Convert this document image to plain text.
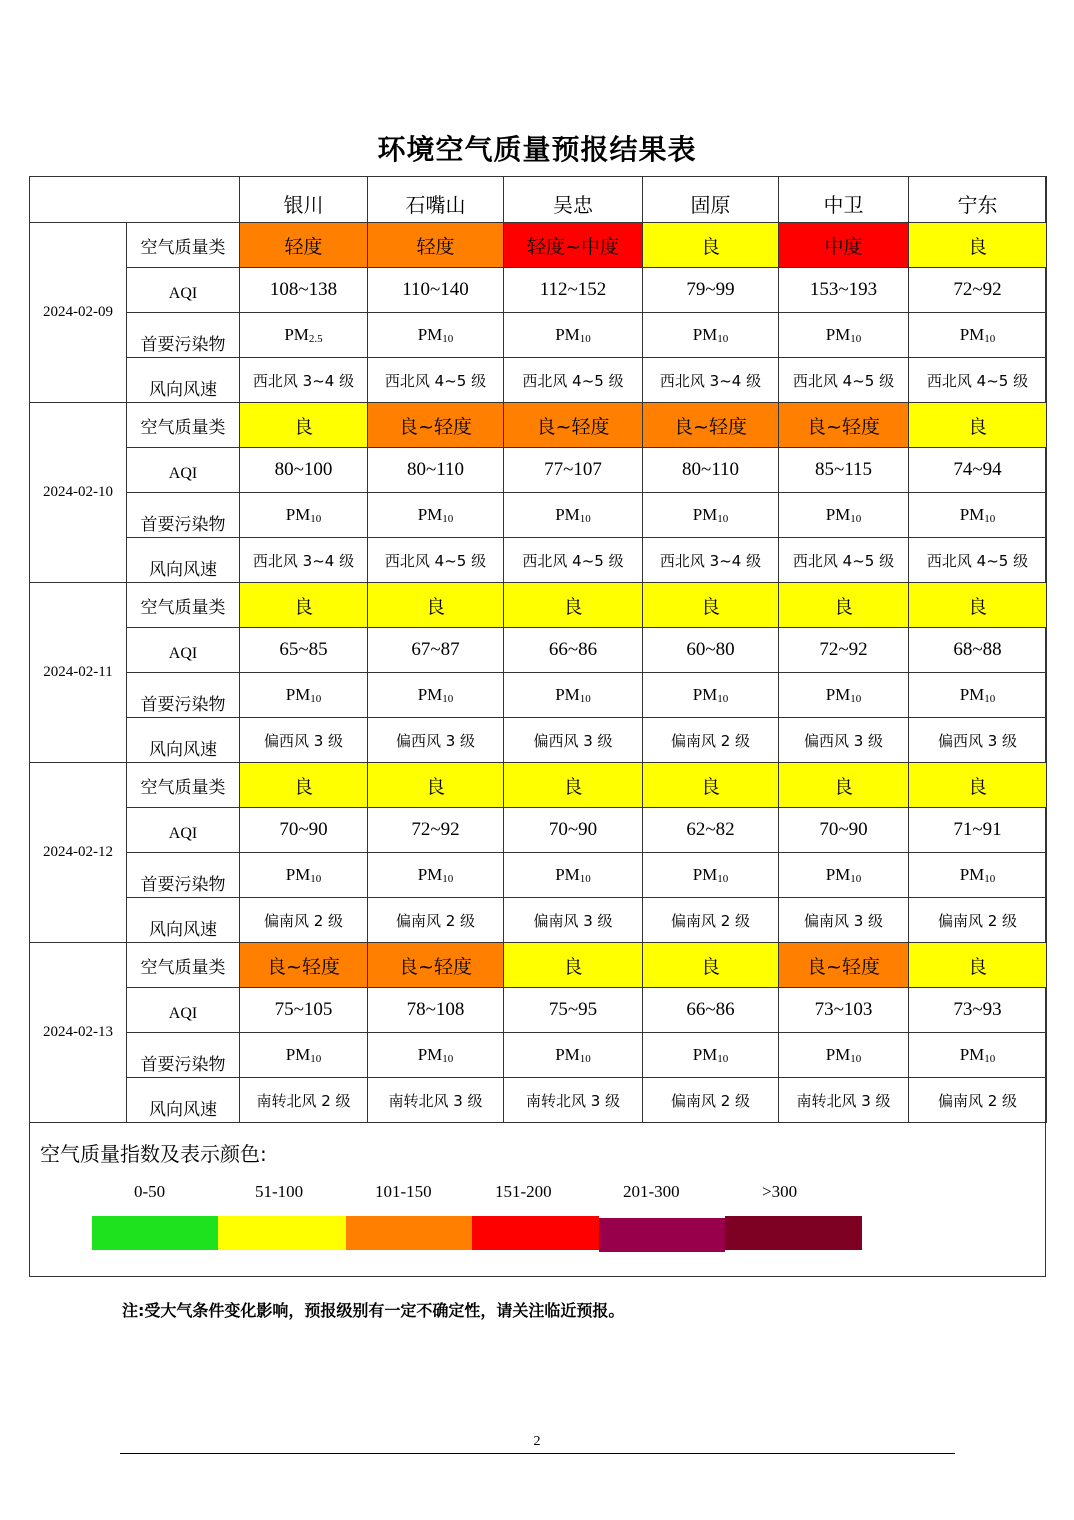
环境空气质量预报结果表
		银川	石嘴山	吴忠	固原	中卫	宁东
2024-02-09	空气质量类	轻度	轻度	轻度~中度	良	中度	良
	AQI	108~138	110~140	112~152	79~99	153~193	72~92
	首要污染物	$PM_{2.5}$	$PM_{10}$	$PM_{10}$	$PM_{10}$	$PM_{10}$	$PM_{10}$
	风向风速	西北风 3~4 级	西北风 4~5 级	西北风 4~5 级	西北风 3~4 级	西北风 4~5 级	西北风 4~5 级
2024-02-10	空气质量类	良	良~轻度	良~轻度	良~轻度	良~轻度	良
	AQI	80~100	80~110	77~107	80~110	85~115	74~94
	首要污染物	$PM_{10}$	$PM_{10}$	$PM_{10}$	$PM_{10}$	$PM_{10}$	$PM_{10}$
	风向风速	西北风 3~4 级	西北风 4~5 级	西北风 4~5 级	西北风 3~4 级	西北风 4~5 级	西北风 4~5 级
2024-02-11	空气质量类	良	良	良	良	良	良
	AQI	65~85	67~87	66~86	60~80	72~92	68~88
	首要污染物	$PM_{10}$	$PM_{10}$	$PM_{10}$	$PM_{10}$	$PM_{10}$	$PM_{10}$
	风向风速	偏西风 3 级	偏西风 3 级	偏西风 3 级	偏南风 2 级	偏西风 3 级	偏西风 3 级
2024-02-12	空气质量类	良	良	良	良	良	良
	AQI	70~90	72~92	70~90	62~82	70~90	71~91
	首要污染物	$PM_{10}$	$PM_{10}$	$PM_{10}$	$PM_{10}$	$PM_{10}$	$PM_{10}$
	风向风速	偏南风 2 级	偏南风 2 级	偏南风 3 级	偏南风 2 级	偏南风 3 级	偏南风 2 级
2024-02-13	空气质量类	良~轻度	良~轻度	良	良	良~轻度	良
	AQI	75~105	78~108	75~95	66~86	73~103	73~93
	首要污染物	$PM_{10}$	$PM_{10}$	$PM_{10}$	$PM_{10}$	$PM_{10}$	$PM_{10}$
	风向风速	南转北风 2 级	南转北风 3 级	南转北风 3 级	偏南风 2 级	南转北风 3 级	偏南风 2 级
空气质量指数及表示颜色:
0-50	51-100	101-150	151-200	201-300	>300
注:受大气条件变化影响，预报级别有一定不确定性，请关注临近预报。
2
